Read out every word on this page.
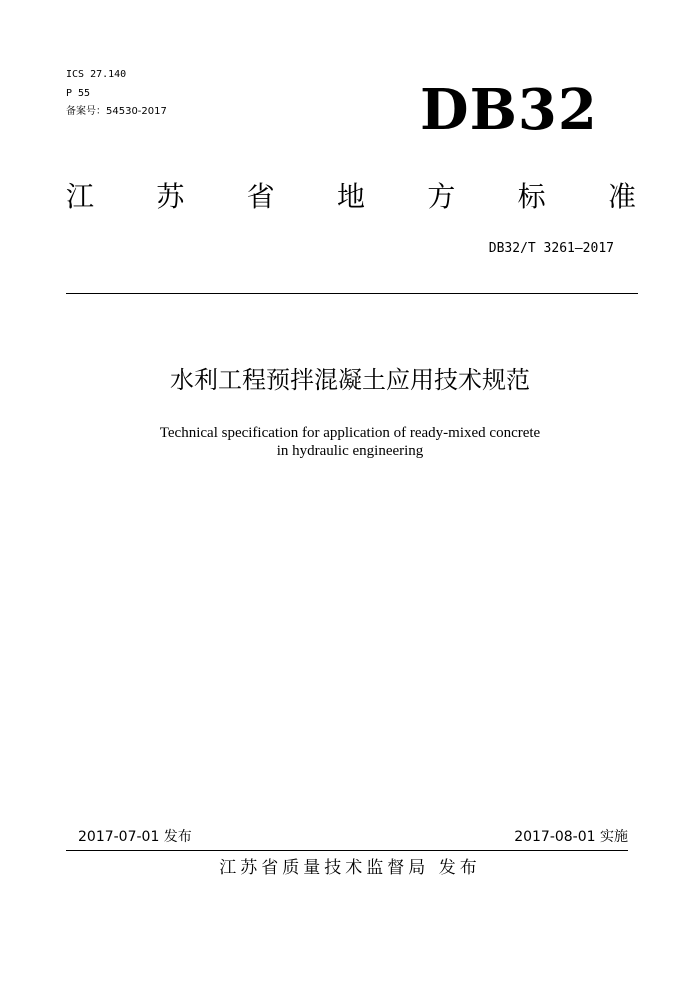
ICS 27.140
P 55
备案号：54530-2017	DB32
江 苏 省 地 方 标 准
DB32/T 3261—2017
水利工程预拌混凝土应用技术规范
Technical specification for application of ready-mixed concrete
in hydraulic engineering
2017-07-01 发布	2017-08-01 实施
江苏省质量技术监督局 发布
